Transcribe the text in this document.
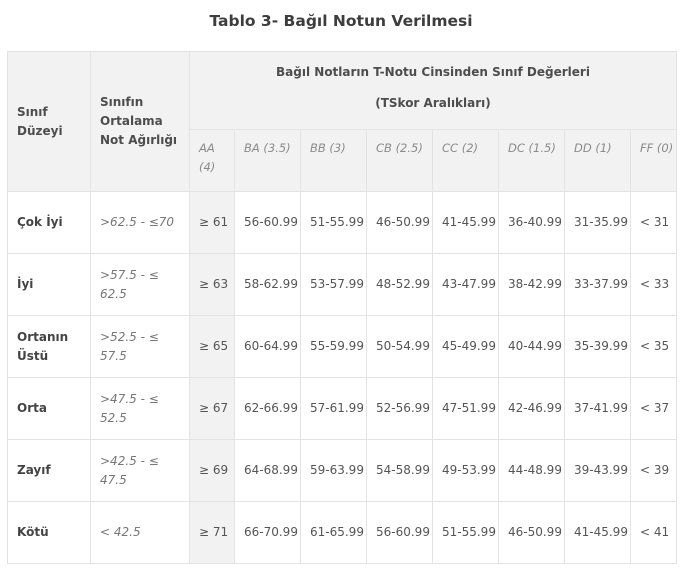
Tablo 3- Bağıl Notun Verilmesi
Sınıf Düzeyi	Sınıfın Ortalama Not Ağırlığı	Bağıl Notların T-Notu Cinsinden Sınıf Değerleri							
		(TSkor Aralıkları)							
		AA (4)	BA (3.5)	BB (3)	CB (2.5)	CC (2)	DC (1.5)	DD (1)	FF (0)
Çok İyi	>62.5 - ≤70	≥ 61	56-60.99	51-55.99	46-50.99	41-45.99	36-40.99	31-35.99	< 31
İyi	>57.5 - ≤ 62.5	≥ 63	58-62.99	53-57.99	48-52.99	43-47.99	38-42.99	33-37.99	< 33
Ortanın Üstü	>52.5 - ≤ 57.5	≥ 65	60-64.99	55-59.99	50-54.99	45-49.99	40-44.99	35-39.99	< 35
Orta	>47.5 - ≤ 52.5	≥ 67	62-66.99	57-61.99	52-56.99	47-51.99	42-46.99	37-41.99	< 37
Zayıf	>42.5 - ≤ 47.5	≥ 69	64-68.99	59-63.99	54-58.99	49-53.99	44-48.99	39-43.99	< 39
Kötü	< 42.5	≥ 71	66-70.99	61-65.99	56-60.99	51-55.99	46-50.99	41-45.99	< 41
